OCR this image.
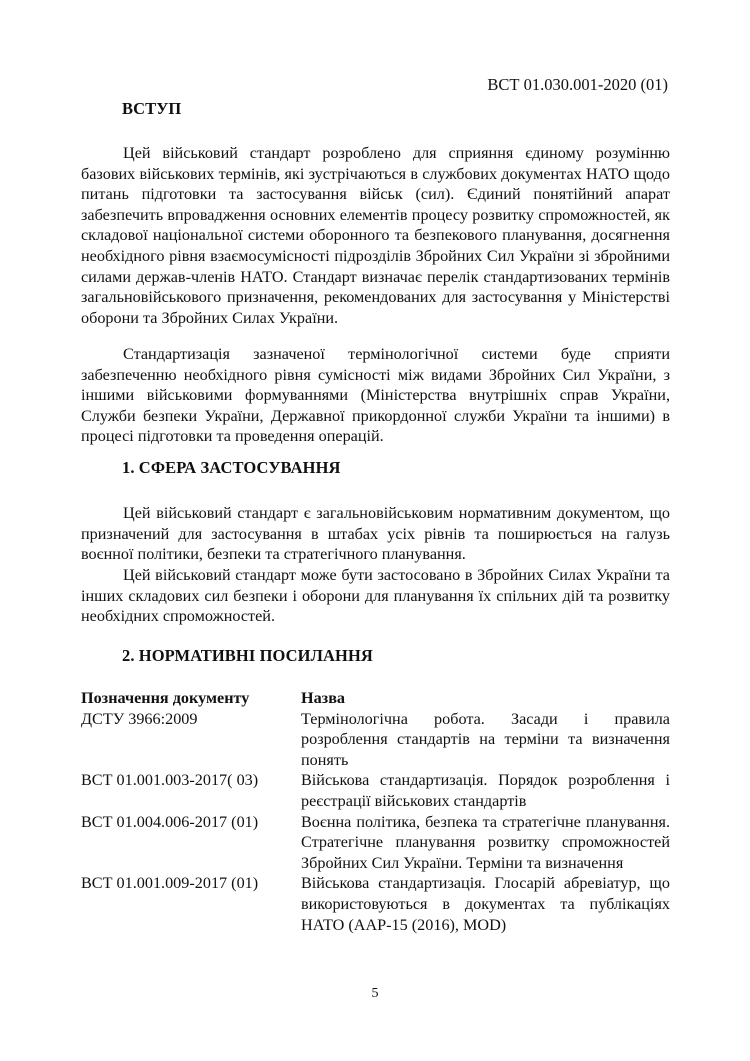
ВСТ 01.030.001-2020 (01)
ВСТУП

Цей військовий стандарт розроблено для сприяння єдиному розумінню базових військових термінів, які зустрічаються в службових документах НАТО щодо питань підготовки та застосування військ (сил). Єдиний понятійний апарат забезпечить впровадження основних елементів процесу розвитку спроможностей, як складової національної системи оборонного та безпекового планування, досягнення необхідного рівня взаємосумісності підрозділів Збройних Сил України зі збройними силами держав-членів НАТО. Стандарт визначає перелік стандартизованих термінів загальновійськового призначення, рекомендованих для застосування у Міністерстві оборони та Збройних Силах України.

Стандартизація зазначеної термінологічної системи буде сприяти забезпеченню необхідного рівня сумісності між видами Збройних Сил України, з іншими військовими формуваннями (Міністерства внутрішніх справ України, Служби безпеки України, Державної прикордонної служби України та іншими) в процесі підготовки та проведення операцій.

1. СФЕРА ЗАСТОСУВАННЯ

Цей військовий стандарт є загальновійськовим нормативним документом, що призначений для застосування в штабах усіх рівнів та поширюється на галузь воєнної політики, безпеки та стратегічного планування.

Цей військовий стандарт може бути застосовано в Збройних Силах України та інших складових сил безпеки і оборони для планування їх спільних дій та розвитку необхідних спроможностей.

2. НОРМАТИВНІ ПОСИЛАННЯ
Позначення документу	Назва
ДСТУ 3966:2009	Термінологічна робота. Засади і правила розроблення стандартів на терміни та визначення понять
ВСТ 01.001.003-2017( 03)	Військова стандартизація. Порядок розроблення і реєстрації військових стандартів
ВСТ 01.004.006-2017 (01)	Воєнна політика, безпека та стратегічне планування. Стратегічне планування розвитку спроможностей Збройних Сил України. Терміни та визначення
ВСТ 01.001.009-2017 (01)	Військова стандартизація. Глосарій абревіатур, що використовуються в документах та публікаціях НАТО (AAP-15 (2016), MOD)
5
